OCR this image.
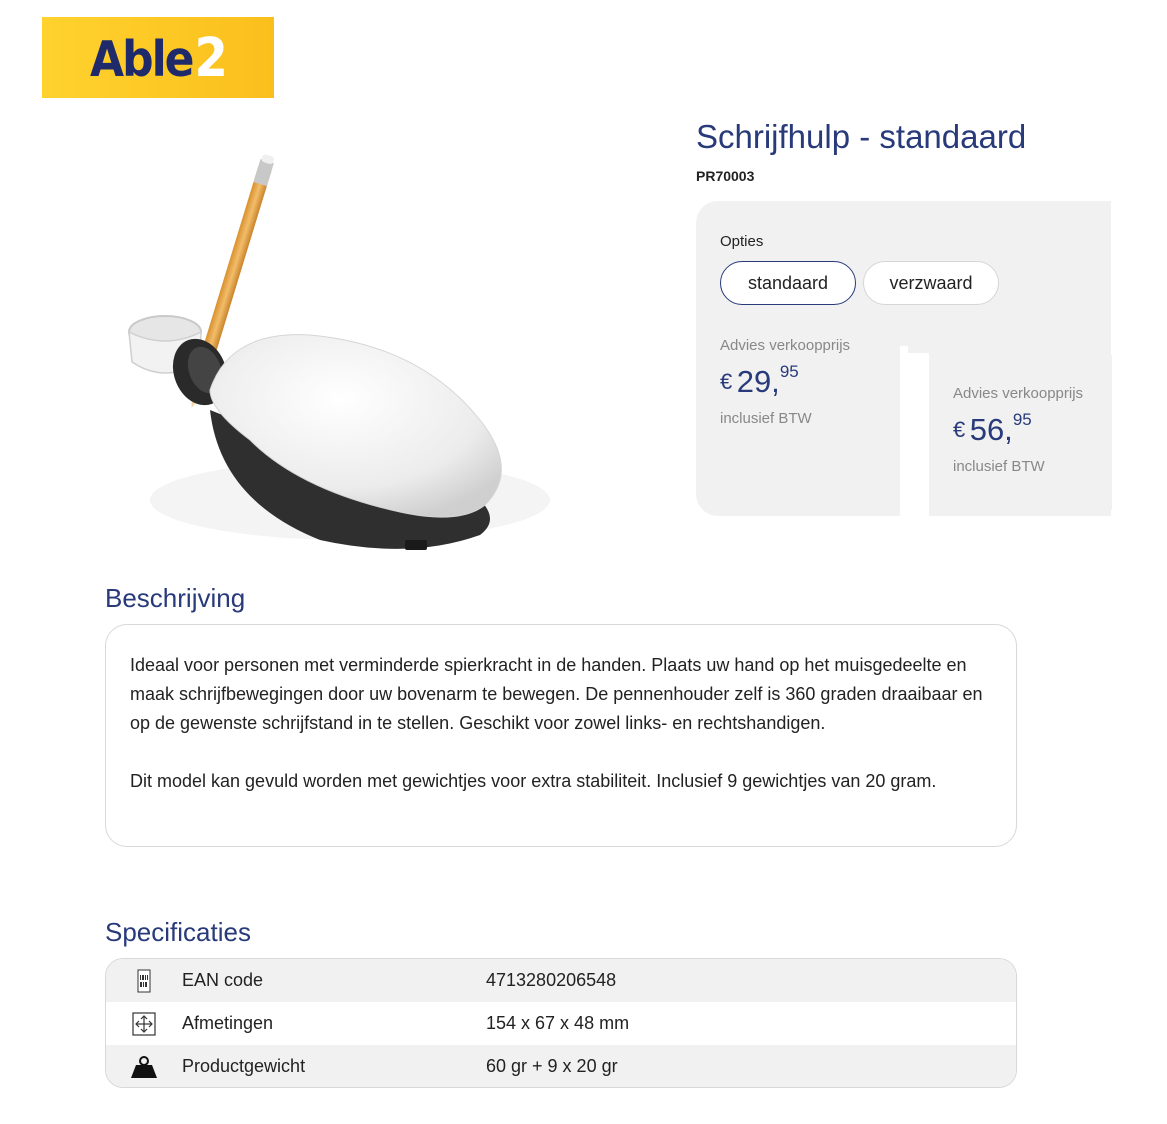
Able2
Schrijfhulp - standaard
PR70003
Opties
standaard	verzwaard
Advies verkoopprijs
€ 29,95
inclusief BTW
Advies verkoopprijs
€ 56,95
inclusief BTW
Beschrijving

Ideaal voor personen met verminderde spierkracht in de handen. Plaats uw hand op het muisgedeelte en maak schrijfbewegingen door uw bovenarm te bewegen. De pennenhouder zelf is 360 graden draaibaar en op de gewenste schrijfstand in te stellen. Geschikt voor zowel links- en rechtshandigen.

Dit model kan gevuld worden met gewichtjes voor extra stabiliteit. Inclusief 9 gewichtjes van 20 gram.

Specificaties
EAN code	4713280206548
Afmetingen	154 x 67 x 48 mm
Productgewicht	60 gr + 9 x 20 gr
